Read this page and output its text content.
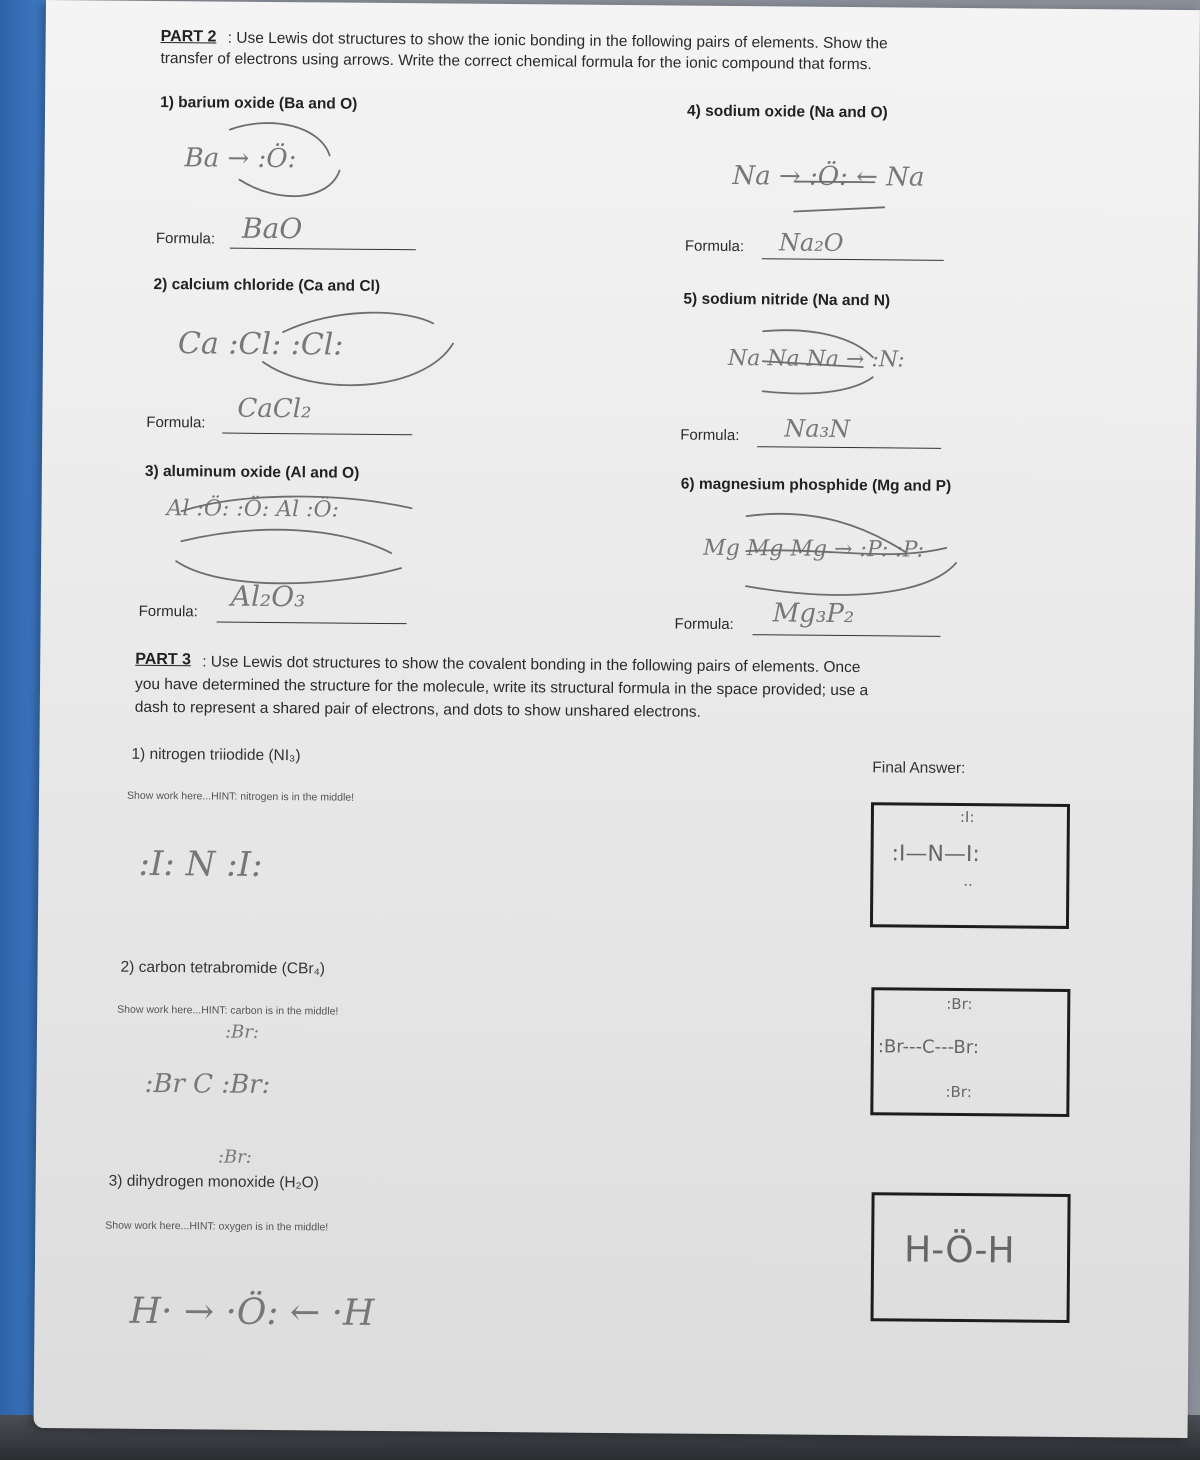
PART 2 : Use Lewis dot structures to show the ionic bonding in the following pairs of elements. Show the
transfer of electrons using arrows. Write the correct chemical formula for the ionic compound that forms.
1) barium oxide (Ba and O)
Ba → :Ö:
Formula: BaO
2) calcium chloride (Ca and Cl)
Ca :Cl: :Cl:
Formula: CaCl₂
3) aluminum oxide (Al and O)
Al :Ö: :Ö: Al :Ö:
Formula: Al₂O₃
4) sodium oxide (Na and O)
Na → :Ö: ← Na
Formula: Na₂O
5) sodium nitride (Na and N)
Na Na Na → :N:
Formula: Na₃N
6) magnesium phosphide (Mg and P)
Mg Mg Mg → :P: :P:
Formula: Mg₃P₂
PART 3 : Use Lewis dot structures to show the covalent bonding in the following pairs of elements. Once
you have determined the structure for the molecule, write its structural formula in the space provided; use a
dash to represent a shared pair of electrons, and dots to show unshared electrons.
Final Answer:
1) nitrogen triiodide (NI₃)
Show work here...HINT: nitrogen is in the middle!
:I: N :I:
:I:
:I—N—I:
··
2) carbon tetrabromide (CBr₄)
Show work here...HINT: carbon is in the middle!
:Br:
:Br C :Br:
:Br:
:Br:
:Br---C---Br:
:Br:
3) dihydrogen monoxide (H₂O)
Show work here...HINT: oxygen is in the middle!
H· → ·Ö: ← ·H
H-Ö-H
